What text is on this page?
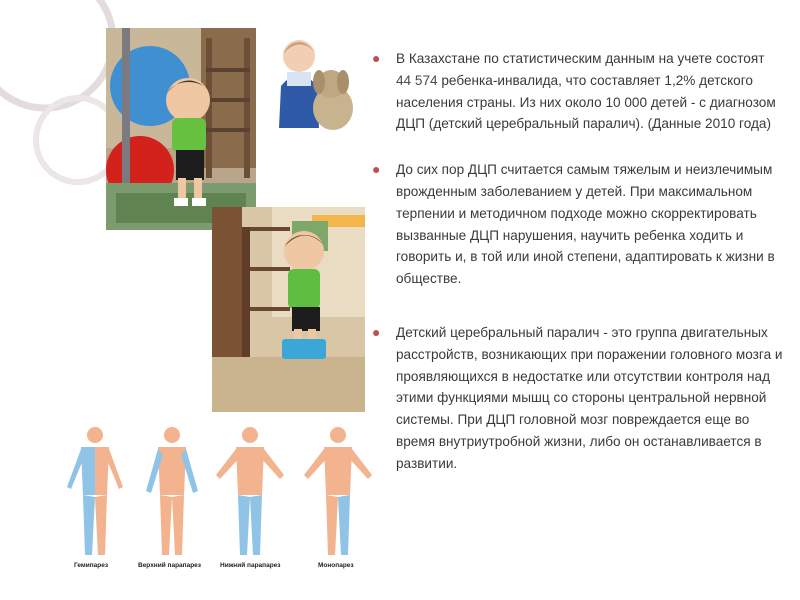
Гемипарез	Верхний парапарез	Нижний парапарез	Монопарез
● В Казахстане по статистическим данным на учете состоят 44 574 ребенка-инвалида, что составляет 1,2% детского населения страны. Из них около 10 000 детей - с диагнозом ДЦП (детский церебральный паралич). (Данные 2010 года)
● До сих пор ДЦП считается самым тяжелым и неизлечимым врожденным заболеванием у детей. При максимальном терпении и методичном подходе можно скорректировать вызванные ДЦП нарушения, научить ребенка ходить и говорить и, в той или иной степени, адаптировать к жизни в обществе.
● Детский церебральный паралич - это группа двигательных расстройств, возникающих при поражении головного мозга и проявляющихся в недостатке или отсутствии контроля над этими функциями мышц со стороны центральной нервной системы. При ДЦП головной мозг повреждается еще во время внутриутробной жизни, либо он останавливается в развитии.
